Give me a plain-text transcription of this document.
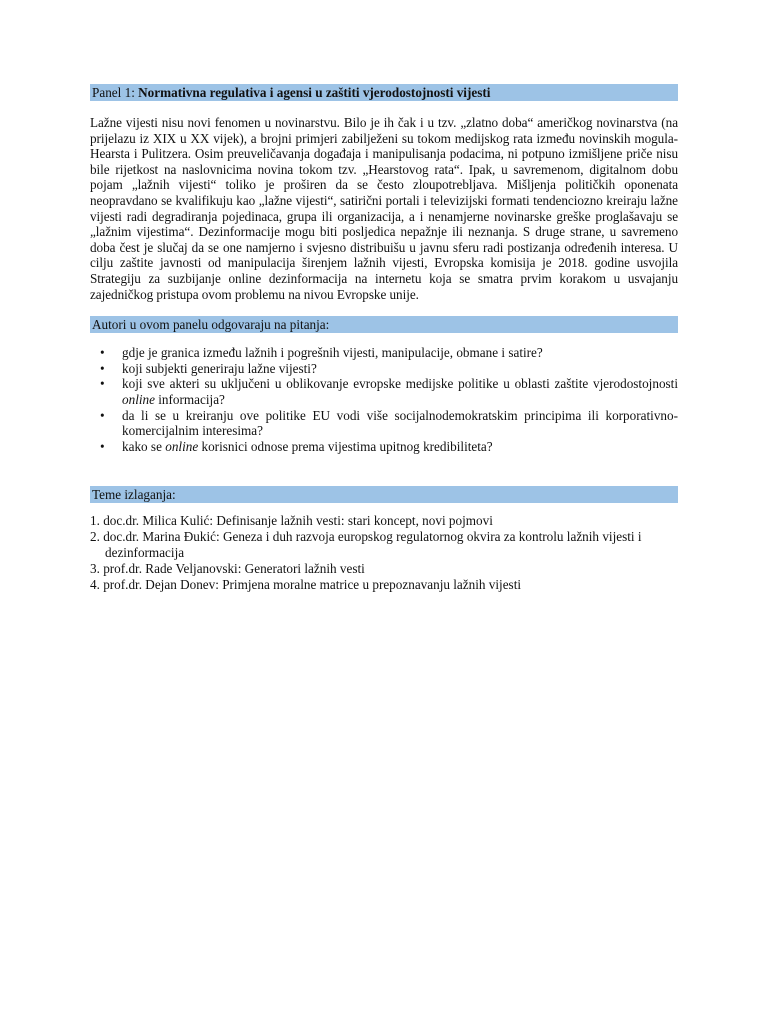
Panel 1: Normativna regulativa i agensi u zaštiti vjerodostojnosti vijesti
Lažne vijesti nisu novi fenomen u novinarstvu. Bilo je ih čak i u tzv. „zlatno doba“ američkog novinarstva (na prijelazu iz XIX u XX vijek), a brojni primjeri zabilježeni su tokom medijskog rata između novinskih mogula- Hearsta i Pulitzera. Osim preuveličavanja događaja i manipulisanja podacima, ni potpuno izmišljene priče nisu bile rijetkost na naslovnicima novina tokom tzv. „Hearstovog rata“. Ipak, u savremenom, digitalnom dobu pojam „lažnih vijesti“ toliko je proširen da se često zloupotrebljava. Mišljenja političkih oponenata neopravdano se kvalifikuju kao „lažne vijesti“, satirični portali i televizijski formati tendenciozno kreiraju lažne vijesti radi degradiranja pojedinaca, grupa ili organizacija, a i nenamjerne novinarske greške proglašavaju se „lažnim vijestima“. Dezinformacije mogu biti posljedica nepažnje ili neznanja. S druge strane, u savremeno doba čest je slučaj da se one namjerno i svjesno distribuišu u javnu sferu radi postizanja određenih interesa. U cilju zaštite javnosti od manipulacija širenjem lažnih vijesti, Evropska komisija je 2018. godine usvojila Strategiju za suzbijanje online dezinformacija na internetu koja se smatra prvim korakom u usvajanju zajedničkog pristupa ovom problemu na nivou Evropske unije.
Autori u ovom panelu odgovaraju na pitanja:
• gdje je granica između lažnih i pogrešnih vijesti, manipulacije, obmane i satire?
• koji subjekti generiraju lažne vijesti?
• koji sve akteri su uključeni u oblikovanje evropske medijske politike u oblasti zaštite vjerodostojnosti online informacija?
• da li se u kreiranju ove politike EU vodi više socijalnodemokratskim principima ili korporativno-komercijalnim interesima?
• kako se online korisnici odnose prema vijestima upitnog kredibiliteta?
Teme izlaganja:
1. doc.dr. Milica Kulić: Definisanje lažnih vesti: stari koncept, novi pojmovi
2. doc.dr. Marina Đukić: Geneza i duh razvoja europskog regulatornog okvira za kontrolu lažnih vijesti i dezinformacija
3. prof.dr. Rade Veljanovski: Generatori lažnih vesti
4. prof.dr. Dejan Donev: Primjena moralne matrice u prepoznavanju lažnih vijesti
